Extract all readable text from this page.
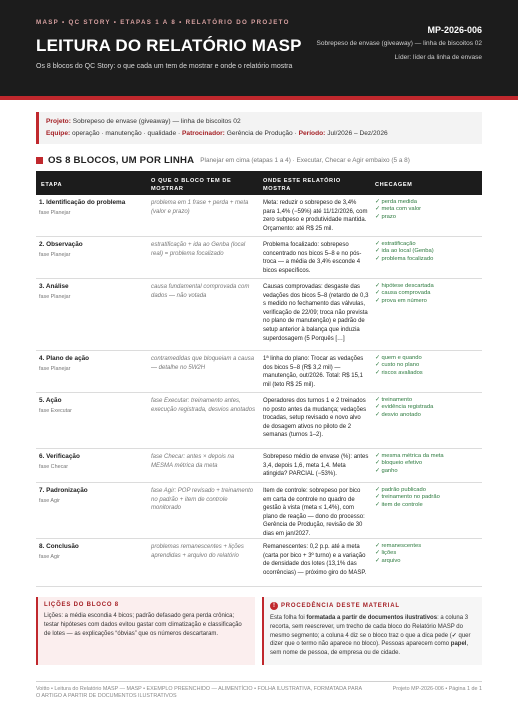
MASP • QC STORY • ETAPAS 1 A 8 • RELATÓRIO DO PROJETO
LEITURA DO RELATÓRIO MASP
Os 8 blocos do QC Story: o que cada um tem de mostrar e onde o relatório mostra
MP-2026-006
Sobrepeso de envase (giveaway) — linha de biscoitos 02
Líder: líder da linha de envase
Projeto: Sobrepeso de envase (giveaway) — linha de biscoitos 02
Equipe: operação · manutenção · qualidade · Patrocinador: Gerência de Produção · Período: Jul/2026 – Dez/2026
OS 8 BLOCOS, UM POR LINHA Planejar em cima (etapas 1 a 4) · Executar, Checar e Agir embaixo (5 a 8)
ETAPA
O QUE O BLOCO TEM DE MOSTRAR
ONDE ESTE RELATÓRIO MOSTRA
CHECAGEM
1. Identificação do problema
fase Planejar
problema em 1 frase + perda + meta (valor e prazo)
Meta: reduzir o sobrepeso de 3,4% para 1,4% (−59%) até 11/12/2026, com zero subpeso e produtividade mantida. Orçamento: até R$ 25 mil.
✓ perda medida
✓ meta com valor
✓ prazo
2. Observação
fase Planejar
estratificação + ida ao Genba (local real) = problema focalizado
Problema focalizado: sobrepeso concentrado nos bicos 5–8 e no pós-troca — a média de 3,4% esconde 4 bicos específicos.
✓ estratificação
✓ ida ao local (Genba)
✓ problema focalizado
3. Análise
fase Planejar
causa fundamental comprovada com dados — não votada
Causas comprovadas: desgaste das vedações dos bicos 5–8 (retardo de 0,3 s medido no fechamento das válvulas, verificação de 22/09; troca não prevista no plano de manutenção) e padrão de setup anterior à balança que induzia superdosagem (5 Porquês […]
✓ hipótese descartada
✓ causa comprovada
✓ prova em número
4. Plano de ação
fase Planejar
contramedidas que bloqueiam a causa — detalhe no 5W2H
1ª linha do plano: Trocar as vedações dos bicos 5–8 (R$ 3,2 mil) — manutenção, out/2026. Total: R$ 15,1 mil (teto R$ 25 mil).
✓ quem e quando
✓ custo no plano
✓ riscos avaliados
5. Ação
fase Executar
fase Executar: treinamento antes, execução registrada, desvios anotados
Operadores dos turnos 1 e 2 treinados no posto antes da mudança; vedações trocadas, setup revisado e novo alvo de dosagem ativos no piloto de 2 semanas (turnos 1–2).
✓ treinamento
✓ evidência registrada
✓ desvio anotado
6. Verificação
fase Checar
fase Checar: antes × depois na MESMA métrica da meta
Sobrepeso médio de envase (%): antes 3,4, depois 1,6, meta 1,4. Meta atingida? PARCIAL (−53%).
✓ mesma métrica da meta
✓ bloqueio efetivo
✓ ganho
7. Padronização
fase Agir
fase Agir: POP revisado + treinamento no padrão + item de controle monitorado
Item de controle: sobrepeso por bico em carta de controle no quadro de gestão à vista (meta ≤ 1,4%), com plano de reação — dono do processo: Gerência de Produção, revisão de 30 dias em jan/2027.
✓ padrão publicado
✓ treinamento no padrão
✓ item de controle
8. Conclusão
fase Agir
problemas remanescentes + lições aprendidas + arquivo do relatório
Remanescentes: 0,2 p.p. até a meta (carta por bico + 3º turno) e a variação de densidade dos lotes (13,1% das ocorrências) — próximo giro do MASP.
✓ remanescentes
✓ lições
✓ arquivo
LIÇÕES DO BLOCO 8
Lições: a média escondia 4 bicos; padrão defasado gera perda crônica; testar hipóteses com dados evitou gastar com climatização e classificação de lotes — as explicações “óbvias” que os números descartaram.
!	PROCEDÊNCIA DESTE MATERIAL
Esta folha foi formatada a partir de documentos ilustrativos: a coluna 3 recorta, sem reescrever, um trecho de cada bloco do Relatório MASP do mesmo segmento; a coluna 4 diz se o bloco traz o que a dica pede (✓ quer dizer que o termo não aparece no bloco). Pessoas aparecem como papel, sem nome de pessoa, de empresa ou de cidade.
Voitto • Leitura do Relatório MASP — MASP • EXEMPLO PREENCHIDO — ALIMENTÍCIO • FOLHA ILUSTRATIVA, FORMATADA PARA O ARTIGO A PARTIR DE DOCUMENTOS ILUSTRATIVOS
Projeto MP-2026-006 • Página 1 de 1
